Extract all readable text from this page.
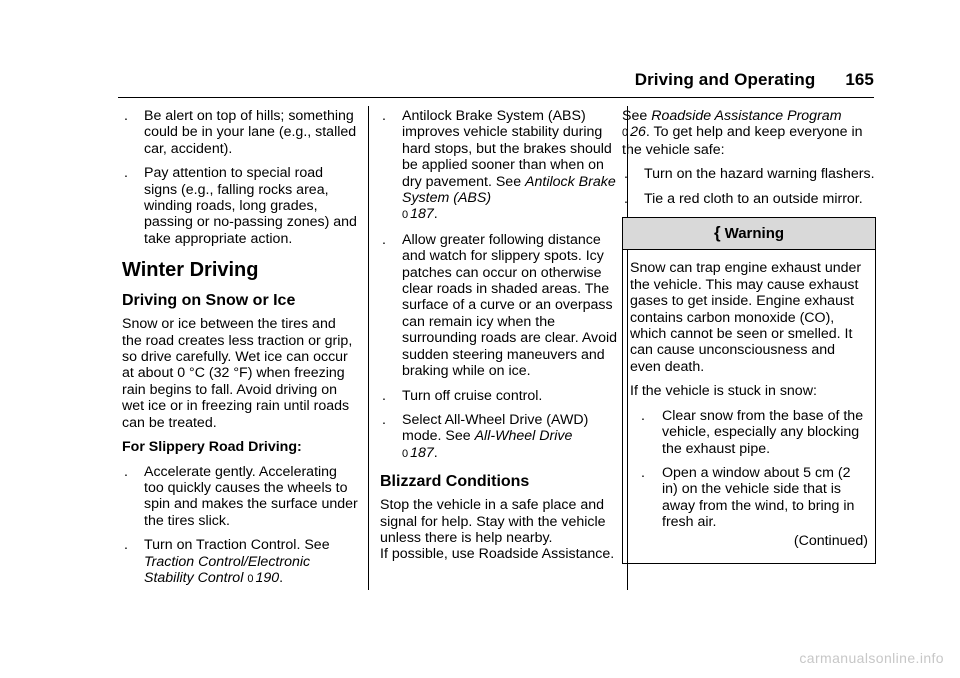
Driving and Operating 165
. Be alert on top of hills; something could be in your lane (e.g., stalled car, accident).
. Pay attention to special road signs (e.g., falling rocks area, winding roads, long grades, passing or no-passing zones) and take appropriate action.
Winter Driving
Driving on Snow or Ice

Snow or ice between the tires and the road creates less traction or grip, so drive carefully. Wet ice can occur at about 0 °C (32 °F) when freezing rain begins to fall. Avoid driving on wet ice or in freezing rain until roads can be treated.

For Slippery Road Driving:
. Accelerate gently. Accelerating too quickly causes the wheels to spin and makes the surface under the tires slick.
. Turn on Traction Control. See Traction Control/Electronic Stability Control 0 190.
. Antilock Brake System (ABS) improves vehicle stability during hard stops, but the brakes should be applied sooner than when on dry pavement. See Antilock Brake System (ABS)
0 187.
. Allow greater following distance and watch for slippery spots. Icy patches can occur on otherwise clear roads in shaded areas. The surface of a curve or an overpass can remain icy when the surrounding roads are clear. Avoid sudden steering maneuvers and braking while on ice.
. Turn off cruise control.
. Select All-Wheel Drive (AWD) mode. See All-Wheel Drive
0 187.
Blizzard Conditions

Stop the vehicle in a safe place and signal for help. Stay with the vehicle unless there is help nearby.

If possible, use Roadside Assistance.

See Roadside Assistance Program
0 26. To get help and keep everyone in the vehicle safe:

. Turn on the hazard warning flashers.
. Tie a red cloth to an outside mirror.
{ Warning

Snow can trap engine exhaust under the vehicle. This may cause exhaust gases to get inside. Engine exhaust contains carbon monoxide (CO), which cannot be seen or smelled. It can cause unconsciousness and even death.

If the vehicle is stuck in snow:

. Clear snow from the base of the vehicle, especially any blocking the exhaust pipe.
. Open a window about 5 cm (2 in) on the vehicle side that is away from the wind, to bring in fresh air.

(Continued)

carmanualsonline.info
